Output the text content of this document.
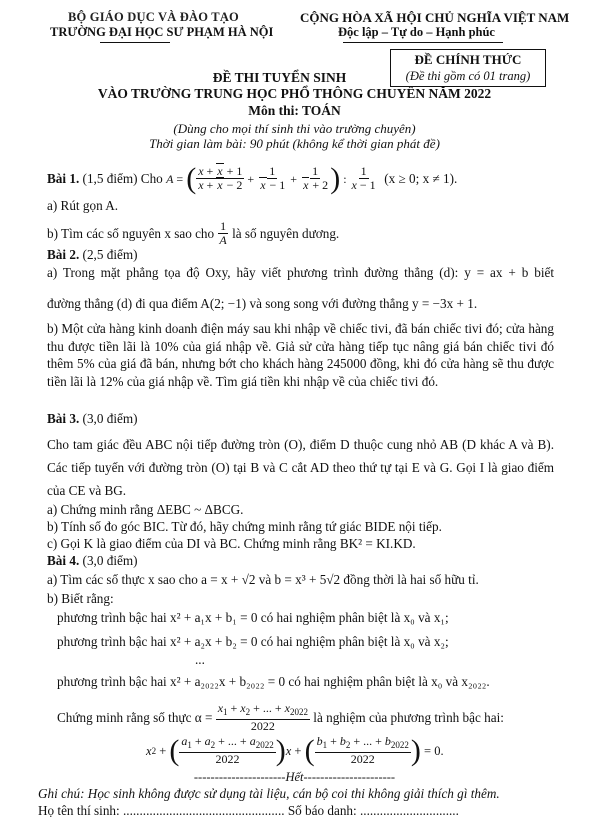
BỘ GIÁO DỤC VÀ ĐÀO TẠO
TRƯỜNG ĐẠI HỌC SƯ PHẠM HÀ NỘI
CỘNG HÒA XÃ HỘI CHỦ NGHĨA VIỆT NAM
Độc lập – Tự do – Hạnh phúc
ĐỀ CHÍNH THỨC
(Đề thi gồm có 01 trang)
ĐỀ THI TUYỂN SINH
VÀO TRƯỜNG TRUNG HỌC PHỔ THÔNG CHUYÊN NĂM 2022
Môn thi: TOÁN
(Dùng cho mọi thí sinh thi vào trường chuyên)
Thời gian làm bài: 90 phút (không kể thời gian phát đề)
Bài 1.
(1,5 điểm) Cho
A = ( $\frac{x + x + 1}{x + x - 2} + \frac{1}{x - 1} + \frac{1}{x + 2}$ ) : $\frac{1}{x - 1}$
(x ≥ 0; x ≠ 1).
a) Rút gọn A.
b) Tìm các số nguyên x sao cho
$\frac{1}{A}$
là số nguyên dương.
Bài 2. (2,5 điểm)
a) Trong mặt phẳng tọa độ Oxy, hãy viết phương trình đường thẳng (d): y = ax + b biết
đường thẳng (d) đi qua điểm A(2; −1) và song song với đường thẳng y = −3x + 1.
b) Một cửa hàng kinh doanh điện máy sau khi nhập về chiếc tivi, đã bán chiếc tivi đó; cửa hàng thu được tiền lãi là 10% của giá nhập về. Giả sử cửa hàng tiếp tục nâng giá bán chiếc tivi đó thêm 5% của giá đã bán, nhưng bớt cho khách hàng 245000 đồng, khi đó cửa hàng sẽ thu được tiền lãi là 12% của giá nhập về. Tìm giá tiền khi nhập về của chiếc tivi đó.
Bài 3. (3,0 điểm)
Cho tam giác đều ABC nội tiếp đường tròn (O), điểm D thuộc cung nhỏ AB (D khác A và B). Các tiếp tuyến với đường tròn (O) tại B và C cắt AD theo thứ tự tại E và G. Gọi I là giao điểm của CE và BG.
a) Chứng minh rằng ΔEBC ~ ΔBCG.
b) Tính số đo góc BIC. Từ đó, hãy chứng minh rằng tứ giác BIDE nội tiếp.
c) Gọi K là giao điểm của DI và BC. Chứng minh rằng BK² = KI.KD.
Bài 4. (3,0 điểm)
a) Tìm các số thực x sao cho a = x + √2 và b = x³ + 5√2 đồng thời là hai số hữu tỉ.
b) Biết rằng:
phương trình bậc hai x² + a₁x + b₁ = 0 có hai nghiệm phân biệt là x₀ và x₁;
phương trình bậc hai x² + a₂x + b₂ = 0 có hai nghiệm phân biệt là x₀ và x₂;
...
phương trình bậc hai x² + a₂₀₂₂x + b₂₀₂₂ = 0 có hai nghiệm phân biệt là x₀ và x₂₀₂₂.
Chứng minh rằng số thực α =
$\frac{x_1 + x_2 + ... + x_{2022}}{2022}$
là nghiệm của phương trình bậc hai:
x 2 + ( $\frac{a_1 + a_2 + ... + a_{2022}}{2022}$ ) x + ( $\frac{b_1 + b_2 + ... + b_{2022}}{2022}$ ) = 0.
----------------------Hết----------------------
Ghi chú: Học sinh không được sử dụng tài liệu, cán bộ coi thi không giải thích gì thêm.
Họ tên thí sinh: ................................................. Số báo danh: ..............................
